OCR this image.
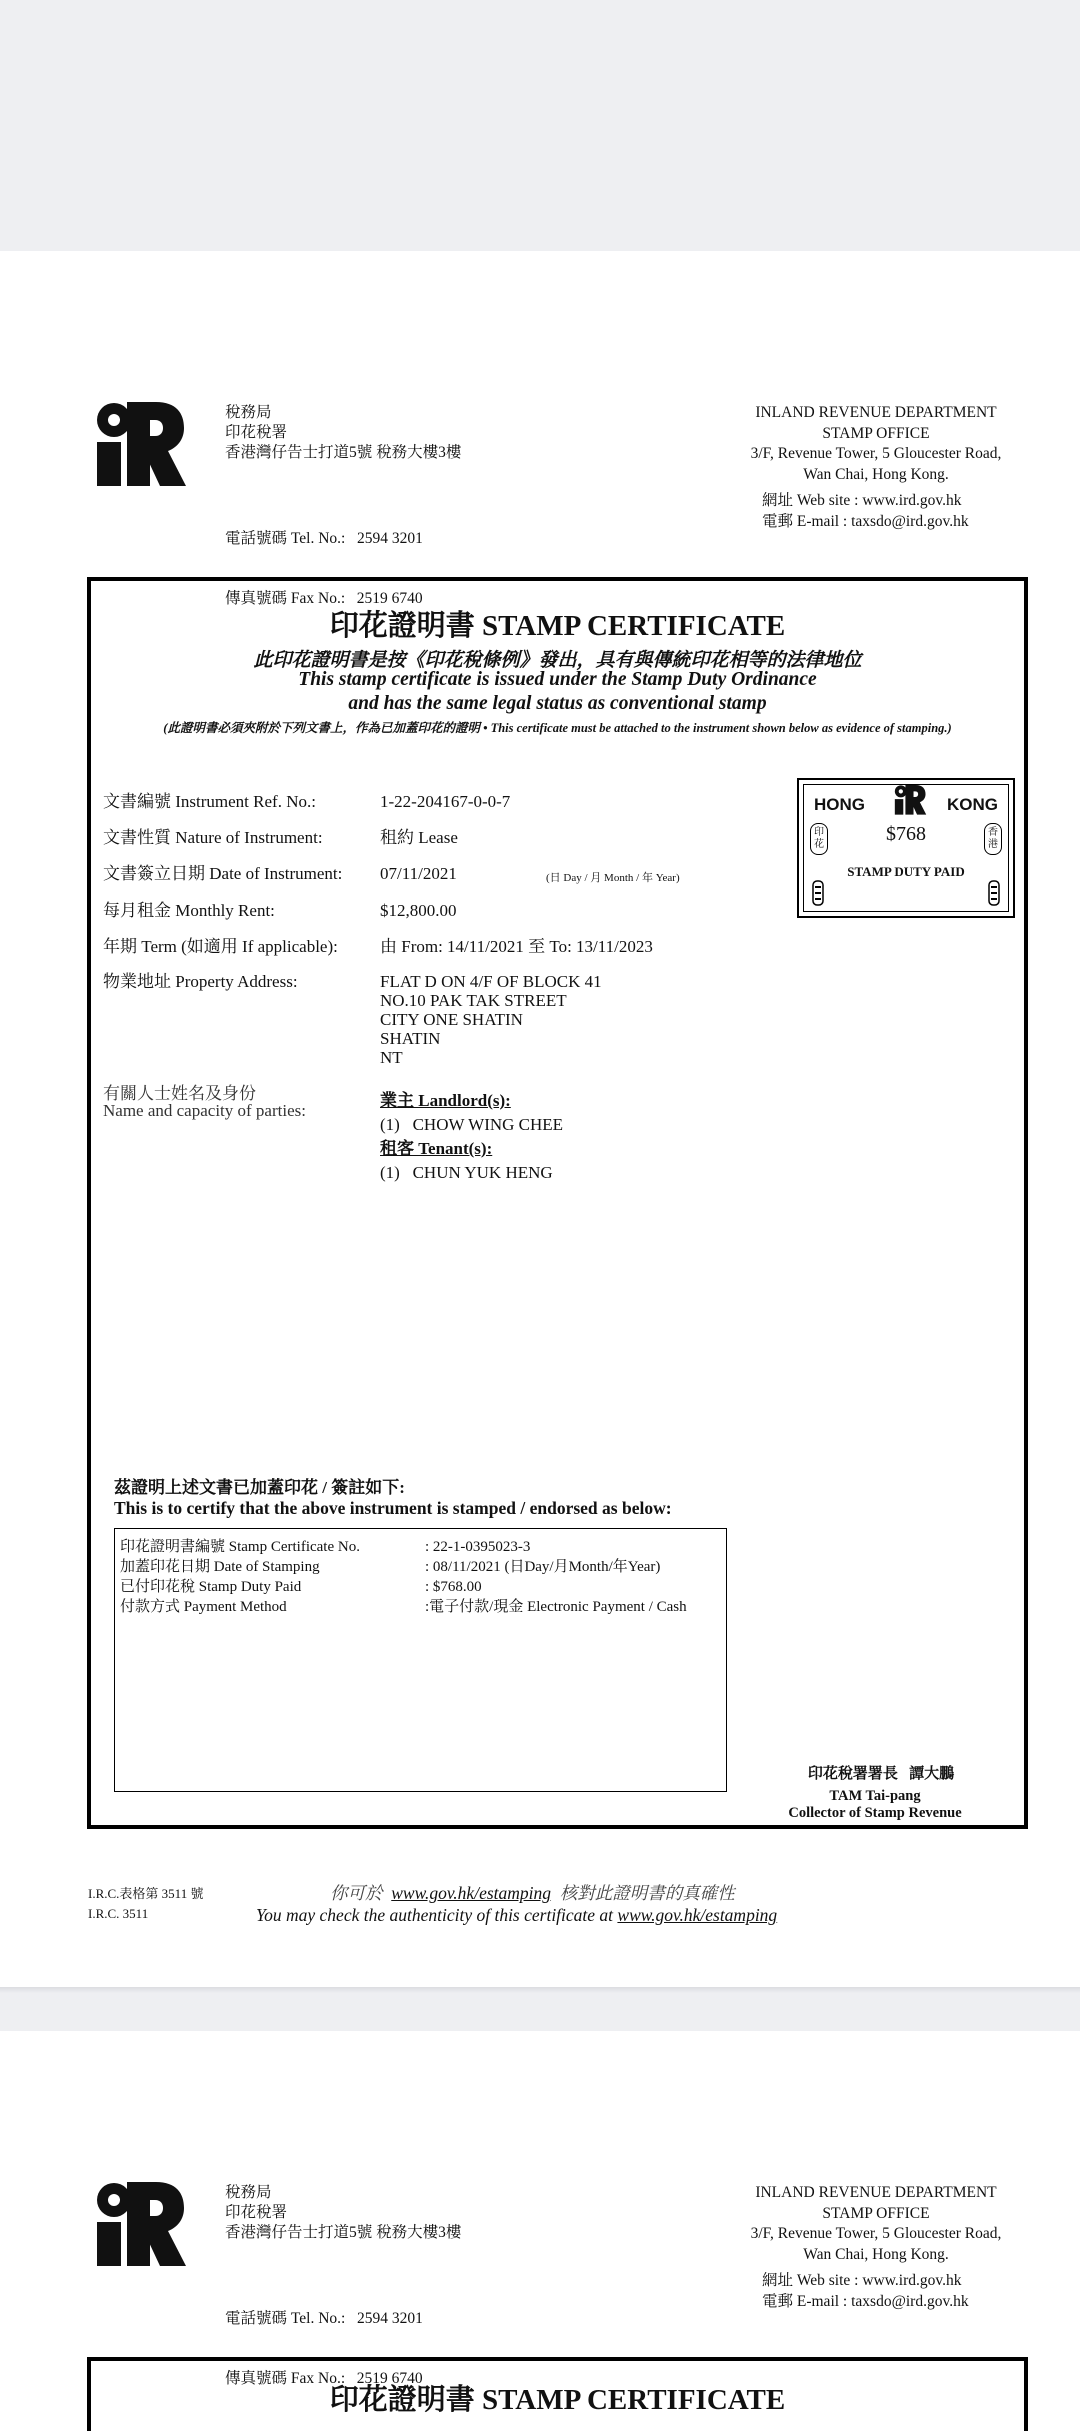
稅務局
印花稅署
香港灣仔告士打道5號 稅務大樓3樓

電話號碼 Tel. No.:   2594 3201

傳真號碼 Fax No.:   2519 6740

INLAND REVENUE DEPARTMENT
STAMP OFFICE
3/F, Revenue Tower, 5 Gloucester Road,
Wan Chai, Hong Kong.
網址 Web site : www.ird.gov.hk
電郵 E-mail : taxsdo@ird.gov.hk
印花證明書 STAMP CERTIFICATE
此印花證明書是按《印花稅條例》發出，具有與傳統印花相等的法律地位
This stamp certificate is issued under the Stamp Duty Ordinance
and has the same legal status as conventional stamp
(此證明書必須夾附於下列文書上，作為已加蓋印花的證明 • This certificate must be attached to the instrument shown below as evidence of stamping.)
文書編號 Instrument Ref. No.:	1-22-204167-0-0-7
文書性質 Nature of Instrument:	租約 Lease
文書簽立日期 Date of Instrument: 07/11/2021	(日 Day / 月 Month / 年 Year)
每月租金 Monthly Rent:	$12,800.00
年期 Term (如適用 If applicable): 由 From: 14/11/2021 至 To: 13/11/2023
物業地址 Property Address:	FLAT D ON 4/F OF BLOCK 41
NO.10 PAK TAK STREET
CITY ONE SHATIN
SHATIN
NT
有關人士姓名及身份
Name and capacity of parties:
業主 Landlord(s):
(1)   CHOW WING CHEE
租客 Tenant(s):
(1)   CHUN YUK HENG
HONG	KONG
印花
香港
$768
STAMP DUTY PAID
茲證明上述文書已加蓋印花 / 簽註如下:
This is to certify that the above instrument is stamped / endorsed as below:
印花證明書編號 Stamp Certificate No.	: 22-1-0395023-3
加蓋印花日期 Date of Stamping	: 08/11/2021 (日Day/月Month/年Year)
已付印花稅 Stamp Duty Paid	: $768.00
付款方式 Payment Method	:電子付款/現金 Electronic Payment / Cash
印花稅署署長   譚大鵬
TAM Tai-pang
Collector of Stamp Revenue
I.R.C.表格第 3511 號
I.R.C. 3511
你可於 www.gov.hk/estamping 核對此證明書的真確性
You may check the authenticity of this certificate at www.gov.hk/estamping
稅務局
印花稅署
香港灣仔告士打道5號 稅務大樓3樓

電話號碼 Tel. No.:   2594 3201

傳真號碼 Fax No.:   2519 6740

INLAND REVENUE DEPARTMENT
STAMP OFFICE
3/F, Revenue Tower, 5 Gloucester Road,
Wan Chai, Hong Kong.
網址 Web site : www.ird.gov.hk
電郵 E-mail : taxsdo@ird.gov.hk
印花證明書 STAMP CERTIFICATE
